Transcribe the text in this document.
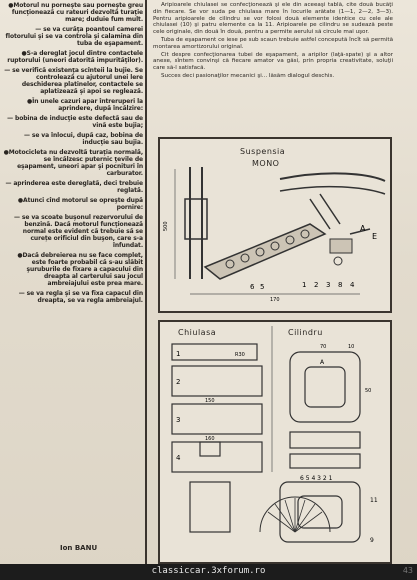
● Motorul nu porneşte sau porneşte greu funcţionează cu rateuri dezvoltă turaţie mare; duduie fum mult.

— se va curăţa poantoul camerei flotorului şi se va controla şi calamina din tuba de eşapament.

● S-a dereglat jocul dintre contactele ruptorului (uneori datorită impurităţilor).

— se verifică existenţa scînteii la bujie. Se controlează cu ajutorul unei lere deschiderea platinelor, contactele se aplatizează şi apoi se reglează.

● În unele cazuri apar întreruperi la aprindere, după încălzire:

— bobina de inducţie este defectă sau de vină este bujia;

— se va înlocui, după caz, bobina de inducţie sau bujia.

● Motocicleta nu dezvoltă turaţia normală, se încălzesc puternic ţevile de eşapament, uneori apar şi pocnituri în carburator.

— aprinderea este dereglată, deci trebuie reglată.

● Atunci cînd motorul se opreşte după pornire:

— se va scoate buşonul rezervorului de benzină. Dacă motorul funcţionează normal este evident că trebuie să se curețe orificiul din buşon, care s-a înfundat.

● Dacă debreierea nu se face complet, este foarte probabil că s-au slăbit şuruburile de fixare a capacului din dreapta al carterului sau jocul ambreiajului este prea mare.

— se va regla şi se va fixa capacul din dreapta, se va regla ambreiajul.

Ion BANU

Aripioarele chiulasei se confecţionează şi ele din aceeaşi tablă, cite două bucăţi din fiecare. Se vor suda pe chiulasa mare în locurile arătate (1—1, 2—2, 3—3). Pentru aripioarele de cilindru se vor folosi două elemente identice cu cele ale chiulasei (10) şi patru elemente ca la 11. Aripioarele pe cilindru se sudează peste cele originale, din două în două, pentru a permite aerului să circule mai uşor.

Tuba de eşapament ce iese pe sub scaun trebuie astfel concepută încît să permită montarea amortizorului original.

Cit despre confecţionarea tubei de eşapament, a aripilor (laţă-spate) şi a altor anexe, sîntem convinşi că fiecare amator va găsi, prin propria creativitate, soluţii care să-l satisfacă.

Succes deci pasionaţilor mecanici şi... lăsăm dialogul deschis.

Suspensia
MONO
A
E
6 5	1 2 3 8 4
500
170
Chiulasa	Cilindru
1
2
3
4
R30
150
160
10
A
70
50
6 5 4 3 2 1
9
11
classiccar.3xforum.ro	43
